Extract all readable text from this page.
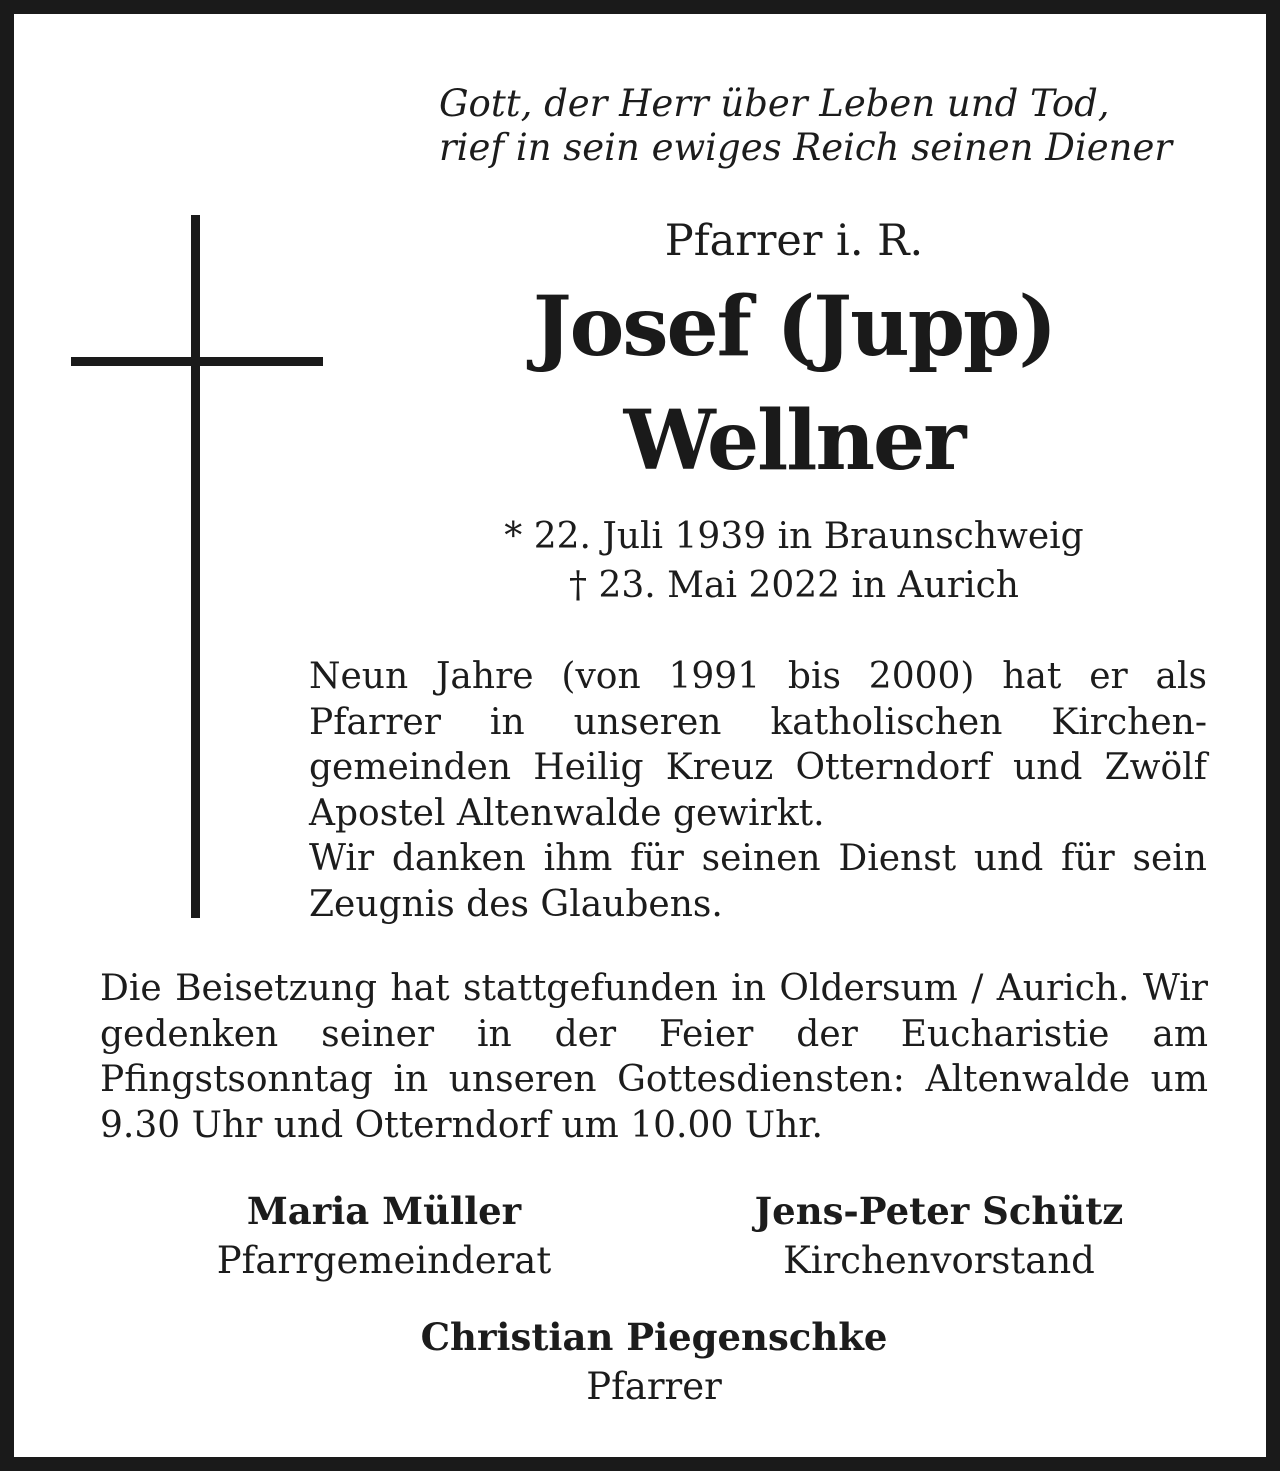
Gott, der Herr über Leben und Tod,
rief in sein ewiges Reich seinen Diener
Pfarrer i. R.
Josef (Jupp)
Wellner
* 22. Juli 1939 in Braunschweig
† 23. Mai 2022 in Aurich

Neun Jahre (von 1991 bis 2000) hat er als Pfarrer in unseren katholischen Kirchen-gemeinden Heilig Kreuz Otterndorf und Zwölf Apostel Altenwalde gewirkt.

Wir danken ihm für seinen Dienst und für sein Zeugnis des Glaubens.

Die Beisetzung hat stattgefunden in Oldersum / Aurich. Wir gedenken seiner in der Feier der Eucharistie am Pfingstsonntag in unseren Gottesdiensten: Altenwalde um 9.30 Uhr und Otterndorf um 10.00 Uhr.
Maria Müller
Pfarrgemeinderat
Jens-Peter Schütz
Kirchenvorstand
Christian Piegenschke
Pfarrer
